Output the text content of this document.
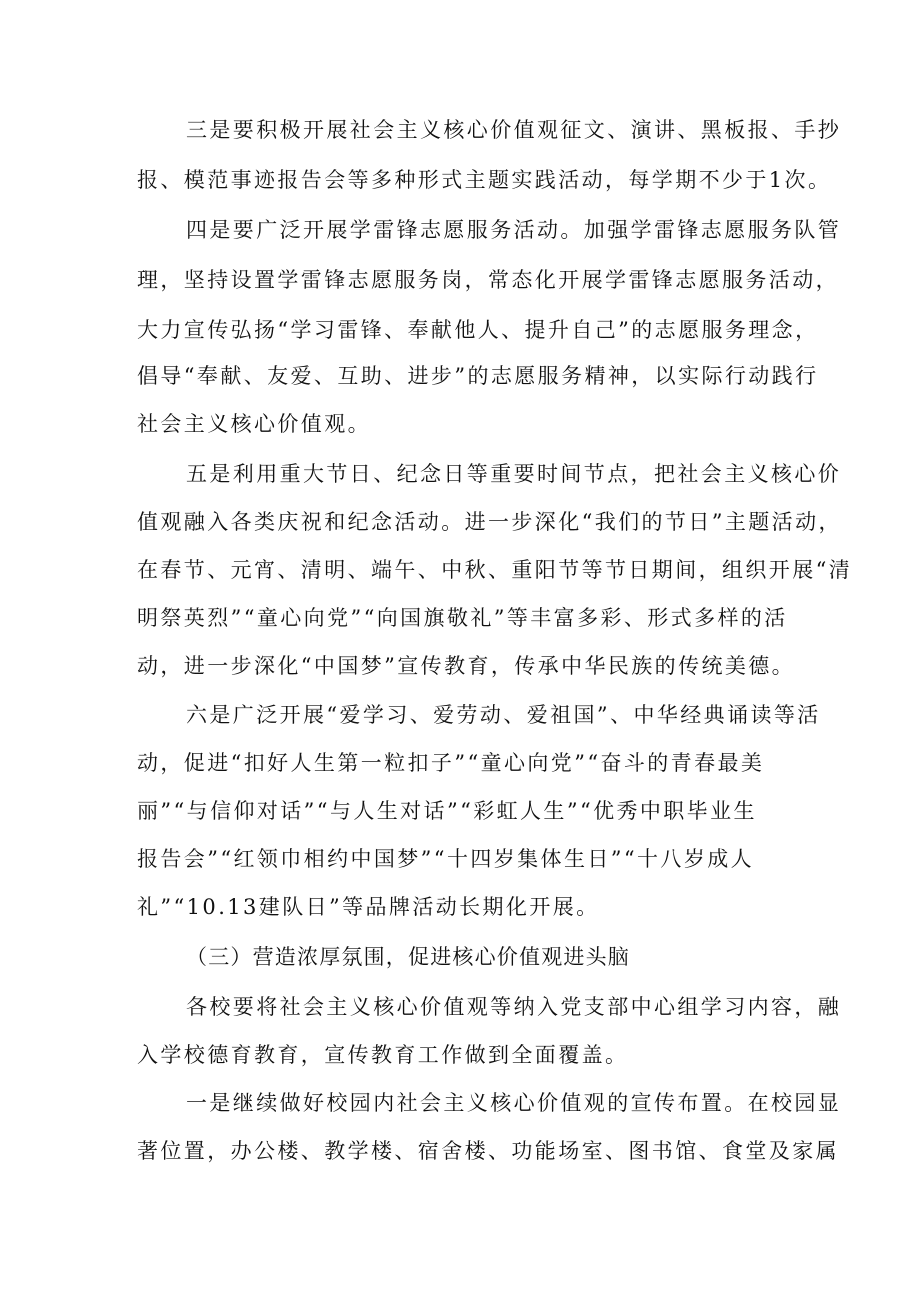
三是要积极开展社会主义核心价值观征文、演讲、黑板报、手抄
报、模范事迹报告会等多种形式主题实践活动，每学期不少于1次。
四是要广泛开展学雷锋志愿服务活动。加强学雷锋志愿服务队管
理，坚持设置学雷锋志愿服务岗，常态化开展学雷锋志愿服务活动，
大力宣传弘扬“学习雷锋、奉献他人、提升自己”的志愿服务理念，
倡导“奉献、友爱、互助、进步”的志愿服务精神，以实际行动践行
社会主义核心价值观。
五是利用重大节日、纪念日等重要时间节点，把社会主义核心价
值观融入各类庆祝和纪念活动。进一步深化“我们的节日”主题活动，
在春节、元宵、清明、端午、中秋、重阳节等节日期间，组织开展“清
明祭英烈”“童心向党”“向国旗敬礼”等丰富多彩、形式多样的活
动，进一步深化“中国梦”宣传教育，传承中华民族的传统美德。
六是广泛开展“爱学习、爱劳动、爱祖国”、中华经典诵读等活
动，促进“扣好人生第一粒扣子”“童心向党”“奋斗的青春最美
丽”“与信仰对话”“与人生对话”“彩虹人生”“优秀中职毕业生
报告会”“红领巾相约中国梦”“十四岁集体生日”“十八岁成人
礼”“10.13建队日”等品牌活动长期化开展。
（三）营造浓厚氛围，促进核心价值观进头脑
各校要将社会主义核心价值观等纳入党支部中心组学习内容，融
入学校德育教育，宣传教育工作做到全面覆盖。
一是继续做好校园内社会主义核心价值观的宣传布置。在校园显
著位置，办公楼、教学楼、宿舍楼、功能场室、图书馆、食堂及家属
